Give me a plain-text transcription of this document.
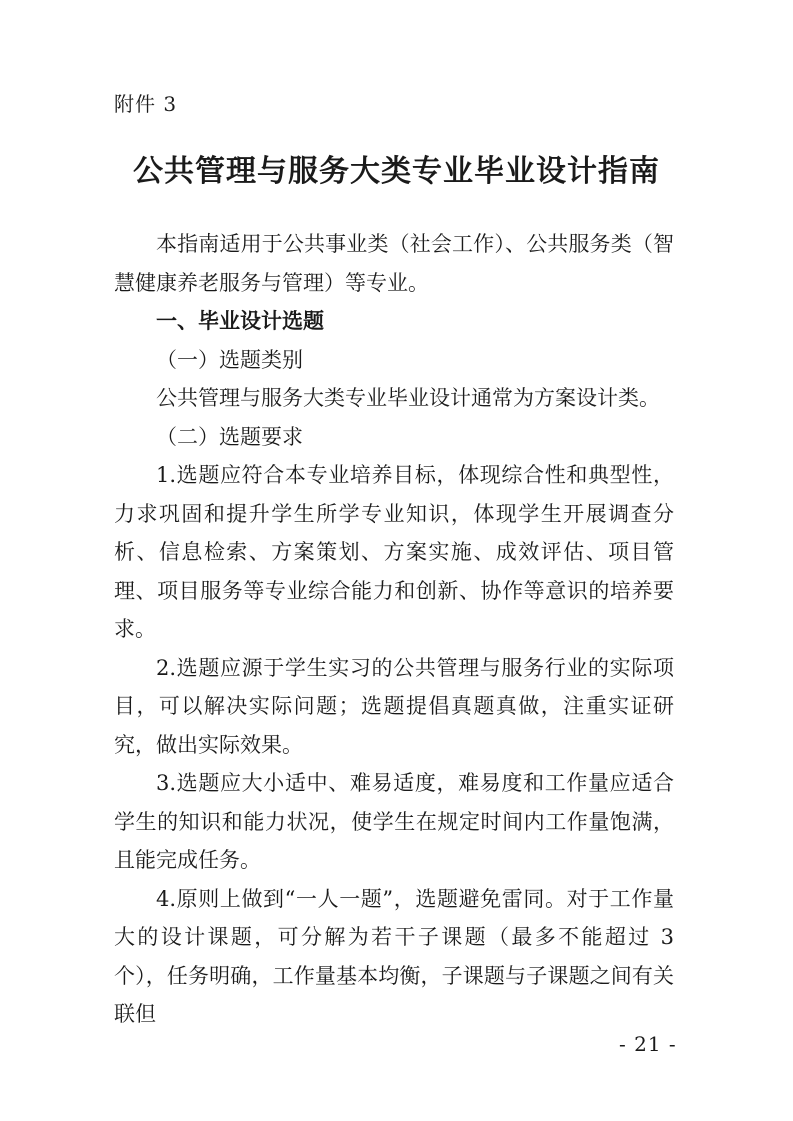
附件 3
公共管理与服务大类专业毕业设计指南

本指南适用于公共事业类（社会工作）、公共服务类（智慧健康养老服务与管理）等专业。

一、毕业设计选题

（一）选题类别

公共管理与服务大类专业毕业设计通常为方案设计类。

（二）选题要求

1.选题应符合本专业培养目标，体现综合性和典型性，力求巩固和提升学生所学专业知识，体现学生开展调查分析、信息检索、方案策划、方案实施、成效评估、项目管理、项目服务等专业综合能力和创新、协作等意识的培养要求。

2.选题应源于学生实习的公共管理与服务行业的实际项目，可以解决实际问题；选题提倡真题真做，注重实证研究，做出实际效果。

3.选题应大小适中、难易适度，难易度和工作量应适合学生的知识和能力状况，使学生在规定时间内工作量饱满，且能完成任务。

4.原则上做到“一人一题”，选题避免雷同。对于工作量大的设计课题，可分解为若干子课题（最多不能超过 3 个），任务明确，工作量基本均衡，子课题与子课题之间有关联但

- 21 -
